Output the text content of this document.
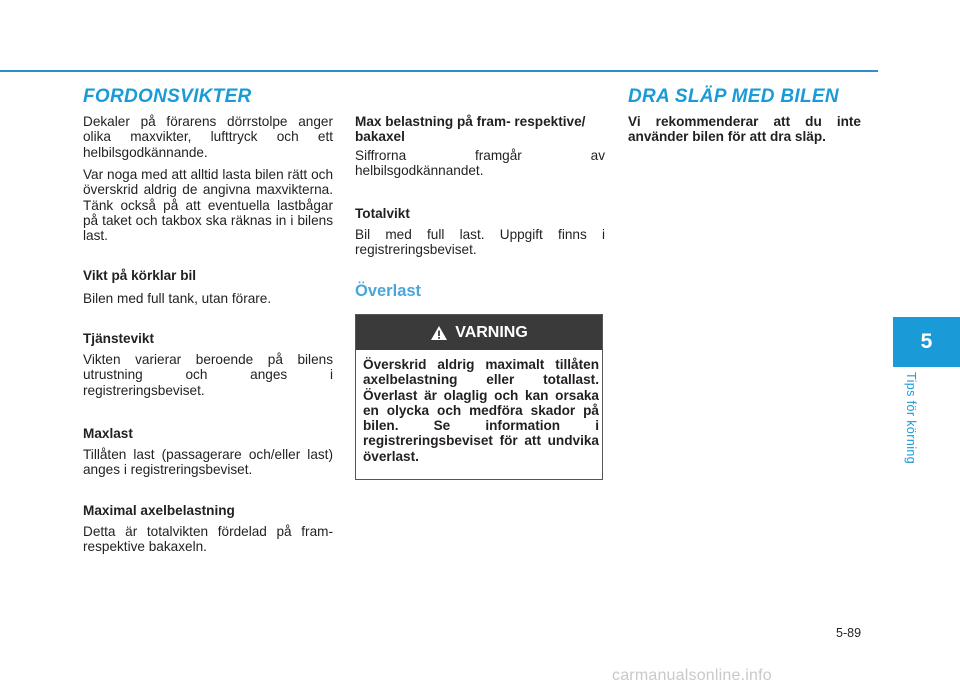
FORDONSVIKTER

Dekaler på förarens dörrstolpe anger olika maxvikter, lufttryck och ett helbilsgodkännande.

Var noga med att alltid lasta bilen rätt och överskrid aldrig de angivna maxvikterna. Tänk också på att eventuella lastbågar på taket och takbox ska räknas in i bilens last.

Vikt på körklar bil

Bilen med full tank, utan förare.

Tjänstevikt

Vikten varierar beroende på bilens utrustning och anges i registreringsbeviset.

Maxlast

Tillåten last (passagerare och/eller last) anges i registreringsbeviset.

Maximal axelbelastning

Detta är totalvikten fördelad på fram- respektive bakaxeln.

Max belastning på fram- respektive/ bakaxel

Siffrorna framgår av helbilsgodkännandet.

Totalvikt

Bil med full last. Uppgift finns i registreringsbeviset.

Överlast
VARNING

Överskrid aldrig maximalt tillåten axelbelastning eller totallast. Överlast är olaglig och kan orsaka en olycka och medföra skador på bilen. Se information i registreringsbeviset för att undvika överlast.

DRA SLÄP MED BILEN

Vi rekommenderar att du inte använder bilen för att dra släp.

5
Tips för körning
5-89
carmanualsonline.info
